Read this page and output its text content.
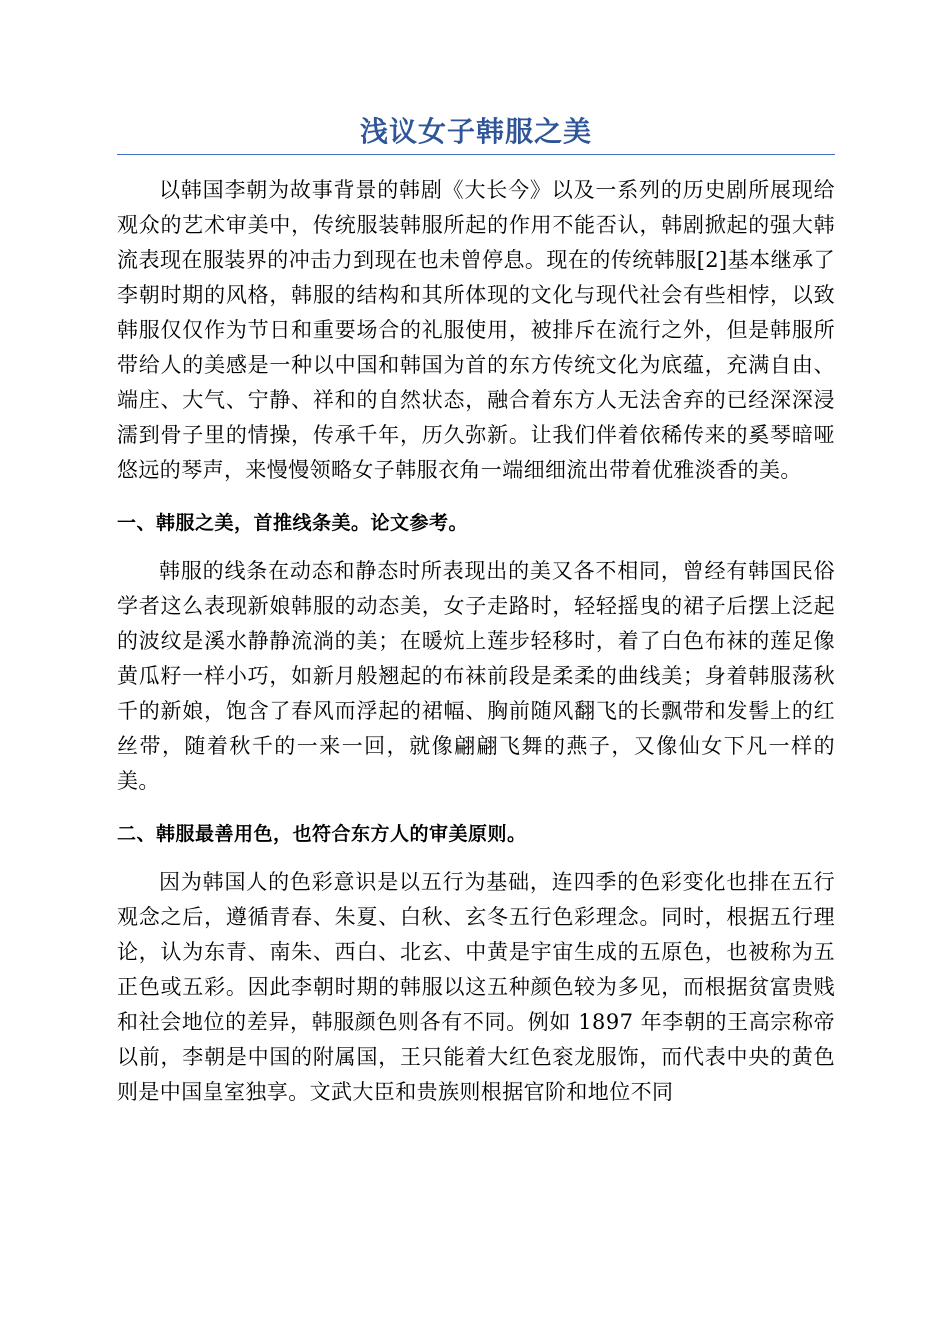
浅议女子韩服之美

以韩国李朝为故事背景的韩剧《大长今》以及一系列的历史剧所展现给观众的艺术审美中，传统服装韩服所起的作用不能否认，韩剧掀起的强大韩流表现在服装界的冲击力到现在也未曾停息。现在的传统韩服[2]基本继承了李朝时期的风格，韩服的结构和其所体现的文化与现代社会有些相悖，以致韩服仅仅作为节日和重要场合的礼服使用，被排斥在流行之外，但是韩服所带给人的美感是一种以中国和韩国为首的东方传统文化为底蕴，充满自由、端庄、大气、宁静、祥和的自然状态，融合着东方人无法舍弃的已经深深浸濡到骨子里的情操，传承千年，历久弥新。让我们伴着依稀传来的奚琴暗哑悠远的琴声，来慢慢领略女子韩服衣角一端细细流出带着优雅淡香的美。

一、韩服之美，首推线条美。论文参考。

韩服的线条在动态和静态时所表现出的美又各不相同，曾经有韩国民俗学者这么表现新娘韩服的动态美，女子走路时，轻轻摇曳的裙子后摆上泛起的波纹是溪水静静流淌的美；在暖炕上莲步轻移时，着了白色布袜的莲足像黄瓜籽一样小巧，如新月般翘起的布袜前段是柔柔的曲线美；身着韩服荡秋千的新娘，饱含了春风而浮起的裙幅、胸前随风翻飞的长飘带和发髻上的红丝带，随着秋千的一来一回，就像翩翩飞舞的燕子，又像仙女下凡一样的美。

二、韩服最善用色，也符合东方人的审美原则。

因为韩国人的色彩意识是以五行为基础，连四季的色彩变化也排在五行观念之后，遵循青春、朱夏、白秋、玄冬五行色彩理念。同时，根据五行理论，认为东青、南朱、西白、北玄、中黄是宇宙生成的五原色，也被称为五正色或五彩。因此李朝时期的韩服以这五种颜色较为多见，而根据贫富贵贱和社会地位的差异，韩服颜色则各有不同。例如 1897 年李朝的王高宗称帝以前，李朝是中国的附属国，王只能着大红色衮龙服饰，而代表中央的黄色则是中国皇室独享。文武大臣和贵族则根据官阶和地位不同
